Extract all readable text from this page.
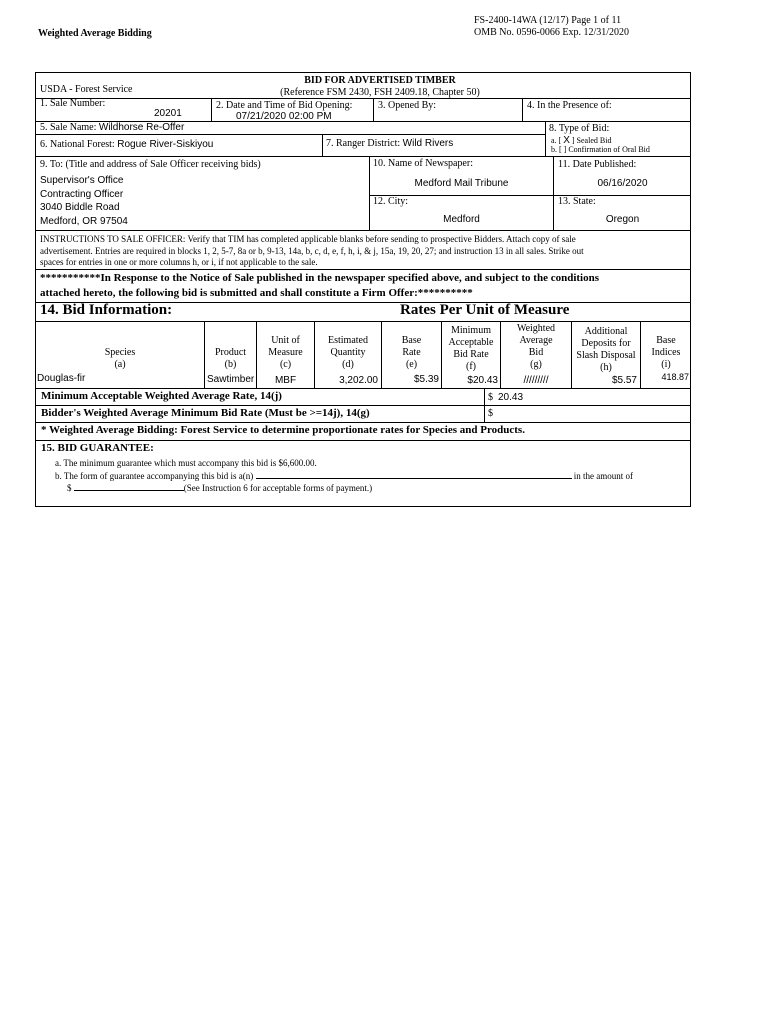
FS-2400-14WA (12/17) Page 1 of 11
OMB No. 0596-0066 Exp. 12/31/2020
Weighted Average Bidding
BID FOR ADVERTISED TIMBER
(Reference FSM 2430, FSH 2409.18, Chapter 50)
USDA - Forest Service
1. Sale Number:
20201
2. Date and Time of Bid Opening:
07/21/2020 02:00 PM
3. Opened By:	4. In the Presence of:
5. Sale Name: Wildhorse Re-Offer	8. Type of Bid:
a. [ X ] Sealed Bid
b. [ ] Confirmation of Oral Bid
6. National Forest: Rogue River-Siskiyou	7. Ranger District: Wild Rivers
9. To: (Title and address of Sale Officer receiving bids)
Supervisor's Office
Contracting Officer
3040 Biddle Road
Medford, OR 97504
10. Name of Newspaper:
Medford Mail Tribune
11. Date Published:
06/16/2020
12. City:
Medford
13. State:
Oregon
INSTRUCTIONS TO SALE OFFICER: Verify that TIM has completed applicable blanks before sending to prospective Bidders. Attach copy of sale
advertisement. Entries are required in blocks 1, 2, 5-7, 8a or b, 9-13, 14a, b, c, d, e, f, h, i, & j, 15a, 19, 20, 27; and instruction 13 in all sales. Strike out
spaces for entries in one or more columns h, or i, if not applicable to the sale.
***********In Response to the Notice of Sale published in the newspaper specified above, and subject to the conditions
attached hereto, the following bid is submitted and shall constitute a Firm Offer:**********
14. Bid Information:	Rates Per Unit of Measure
Species
(a)
Product
(b)
Unit of
Measure
(c)
Estimated
Quantity
(d)
Base
Rate
(e)
Minimum
Acceptable
Bid Rate
(f)
Weighted
Average
Bid
(g)
Additional
Deposits for
Slash Disposal
(h)
Base
Indices
(i)
Douglas-fir	Sawtimber	MBF	3,202.00	$5.39	$20.43	/////////	$5.57	418.87
Minimum Acceptable Weighted Average Rate, 14(j)	$ 20.43
Bidder's Weighted Average Minimum Bid Rate (Must be >=14j), 14(g)	$
* Weighted Average Bidding: Forest Service to determine proportionate rates for Species and Products.
15. BID GUARANTEE:
a. The minimum guarantee which must accompany this bid is $6,600.00.
b. The form of guarantee accompanying this bid is a(n)	in the amount of
$	(See Instruction 6 for acceptable forms of payment.)
